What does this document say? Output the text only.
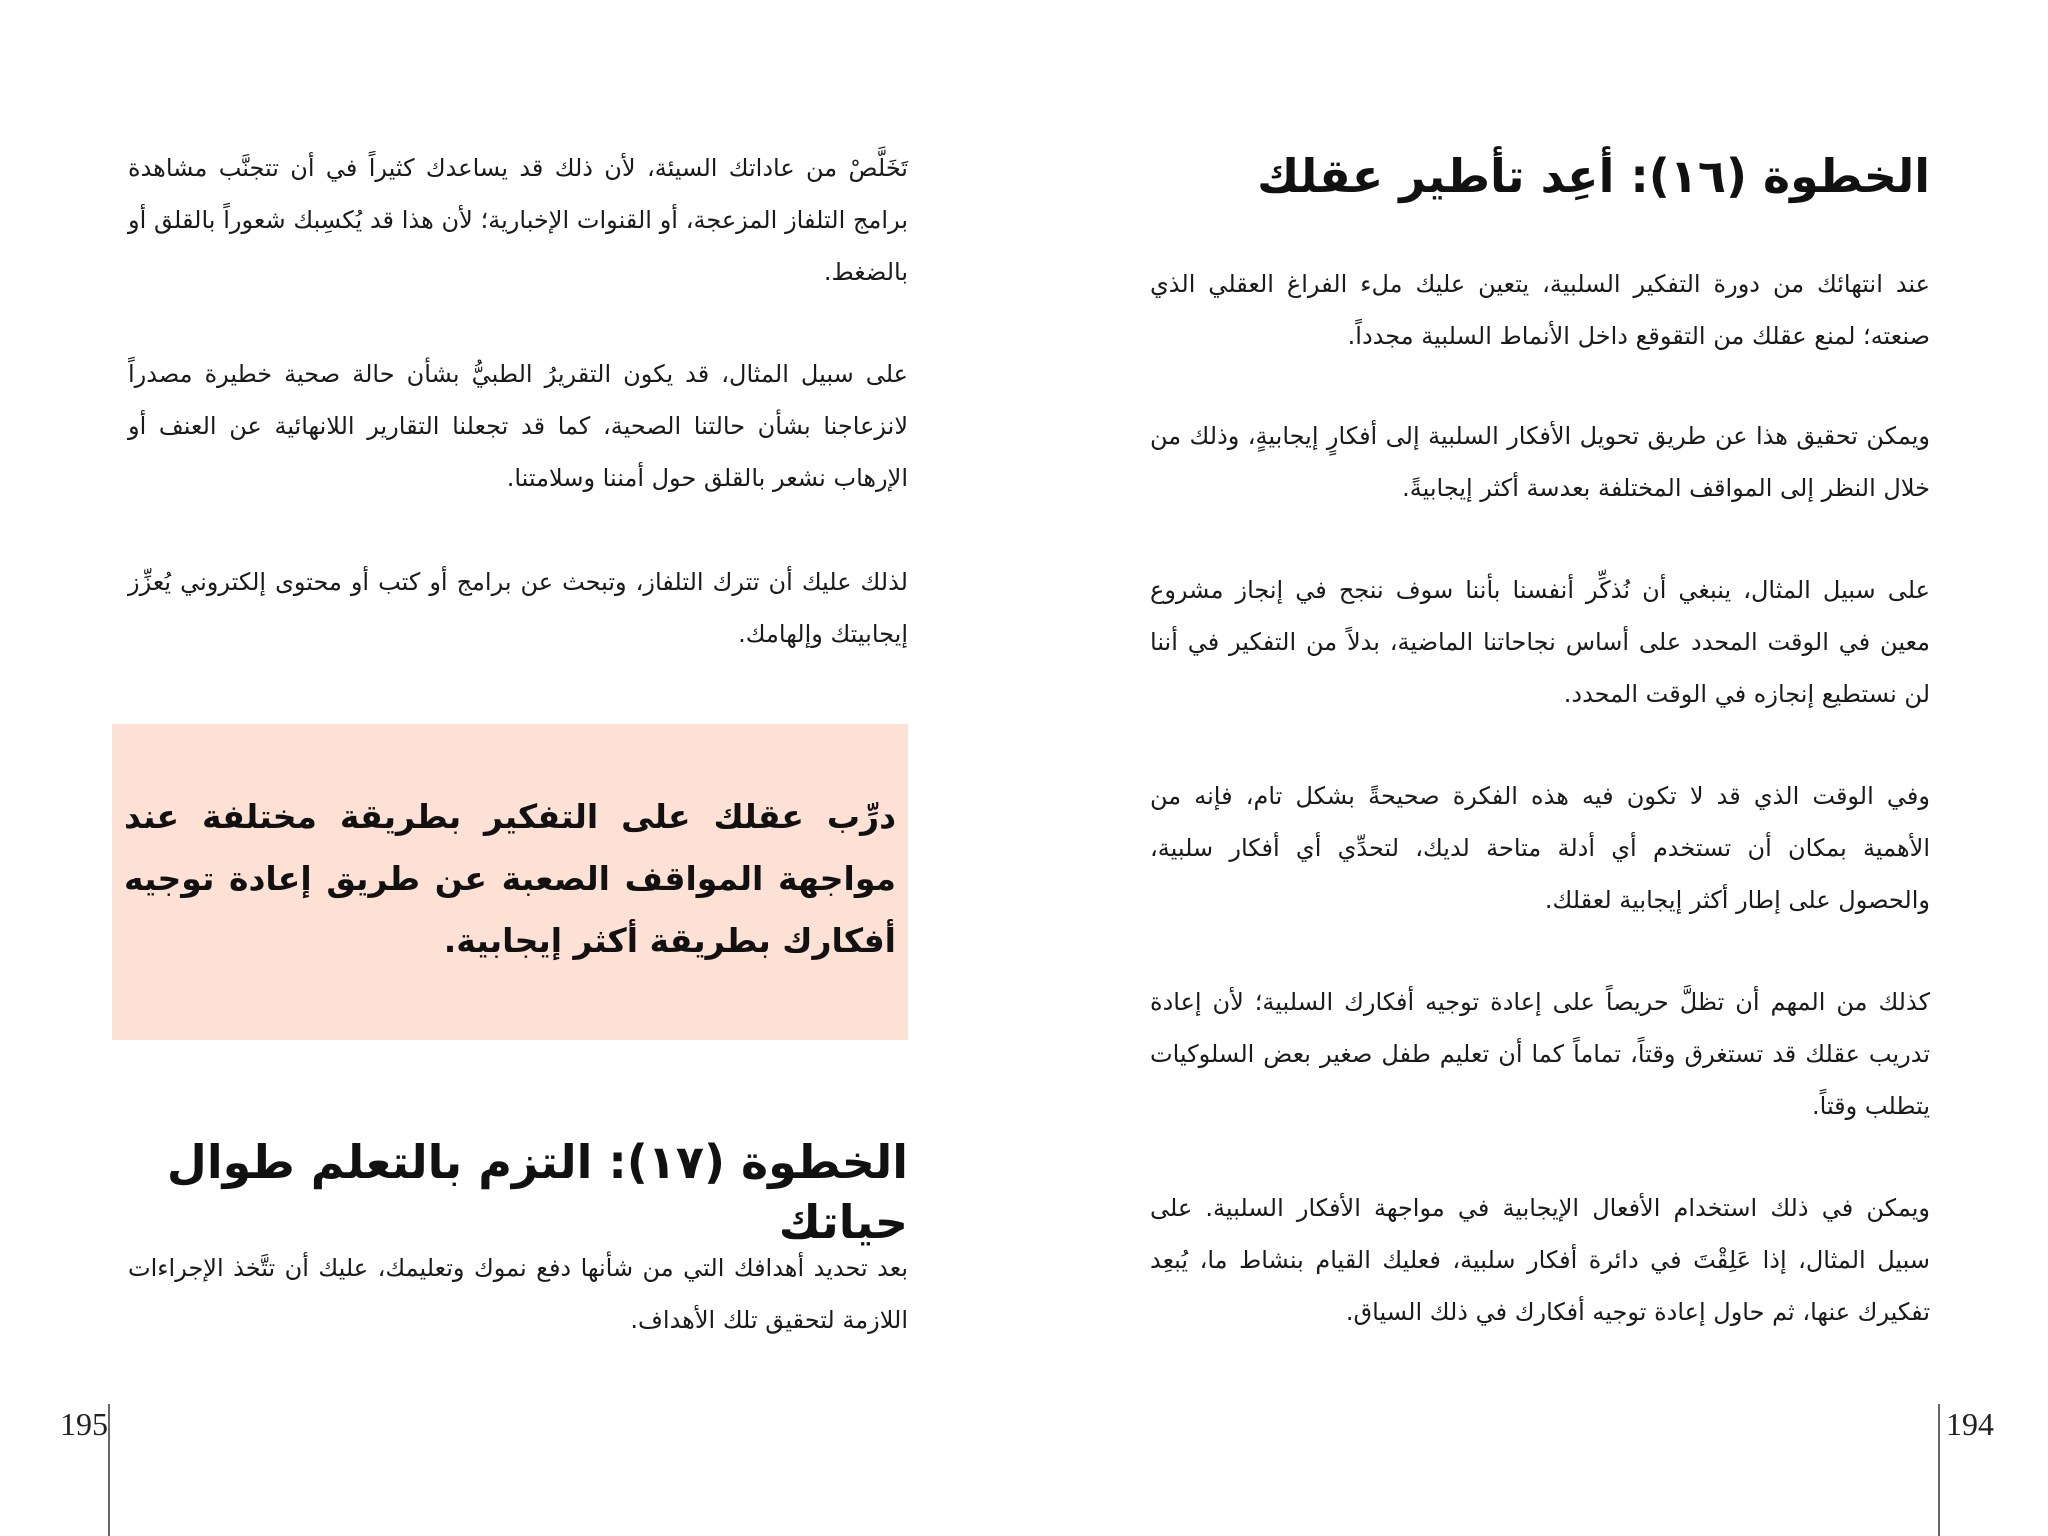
الخطوة (١٦): أعِد تأطير عقلك

عند انتهائك من دورة التفكير السلبية، يتعين عليك ملء الفراغ العقلي الذي صنعته؛ لمنع عقلك من التقوقع داخل الأنماط السلبية مجدداً.

ويمكن تحقيق هذا عن طريق تحويل الأفكار السلبية إلى أفكارٍ إيجابيةٍ، وذلك من خلال النظر إلى المواقف المختلفة بعدسة أكثر إيجابيةً.

على سبيل المثال، ينبغي أن نُذكِّر أنفسنا بأننا سوف ننجح في إنجاز مشروع معين في الوقت المحدد على أساس نجاحاتنا الماضية، بدلاً من التفكير في أننا لن نستطيع إنجازه في الوقت المحدد.

وفي الوقت الذي قد لا تكون فيه هذه الفكرة صحيحةً بشكل تام، فإنه من الأهمية بمكان أن تستخدم أي أدلة متاحة لديك، لتحدِّي أي أفكار سلبية، والحصول على إطار أكثر إيجابية لعقلك.

كذلك من المهم أن تظلَّ حريصاً على إعادة توجيه أفكارك السلبية؛ لأن إعادة تدريب عقلك قد تستغرق وقتاً، تماماً كما أن تعليم طفل صغير بعض السلوكيات يتطلب وقتاً.

ويمكن في ذلك استخدام الأفعال الإيجابية في مواجهة الأفكار السلبية. على سبيل المثال، إذا عَلِقْتَ في دائرة أفكار سلبية، فعليك القيام بنشاط ما، يُبعِد تفكيرك عنها، ثم حاول إعادة توجيه أفكارك في ذلك السياق.

تَخَلَّصْ من عاداتك السيئة، لأن ذلك قد يساعدك كثيراً في أن تتجنَّب مشاهدة برامج التلفاز المزعجة، أو القنوات الإخبارية؛ لأن هذا قد يُكسِبك شعوراً بالقلق أو بالضغط.

على سبيل المثال، قد يكون التقريرُ الطبيُّ بشأن حالة صحية خطيرة مصدراً لانزعاجنا بشأن حالتنا الصحية، كما قد تجعلنا التقارير اللانهائية عن العنف أو الإرهاب نشعر بالقلق حول أمننا وسلامتنا.

لذلك عليك أن تترك التلفاز، وتبحث عن برامج أو كتب أو محتوى إلكتروني يُعزِّز إيجابيتك وإلهامك.

درِّب عقلك على التفكير بطريقة مختلفة عند مواجهة المواقف الصعبة عن طريق إعادة توجيه أفكارك بطريقة أكثر إيجابية.

الخطوة (١٧): التزم بالتعلم طوال حياتك

بعد تحديد أهدافك التي من شأنها دفع نموك وتعليمك، عليك أن تتَّخذ الإجراءات اللازمة لتحقيق تلك الأهداف.

195	194
